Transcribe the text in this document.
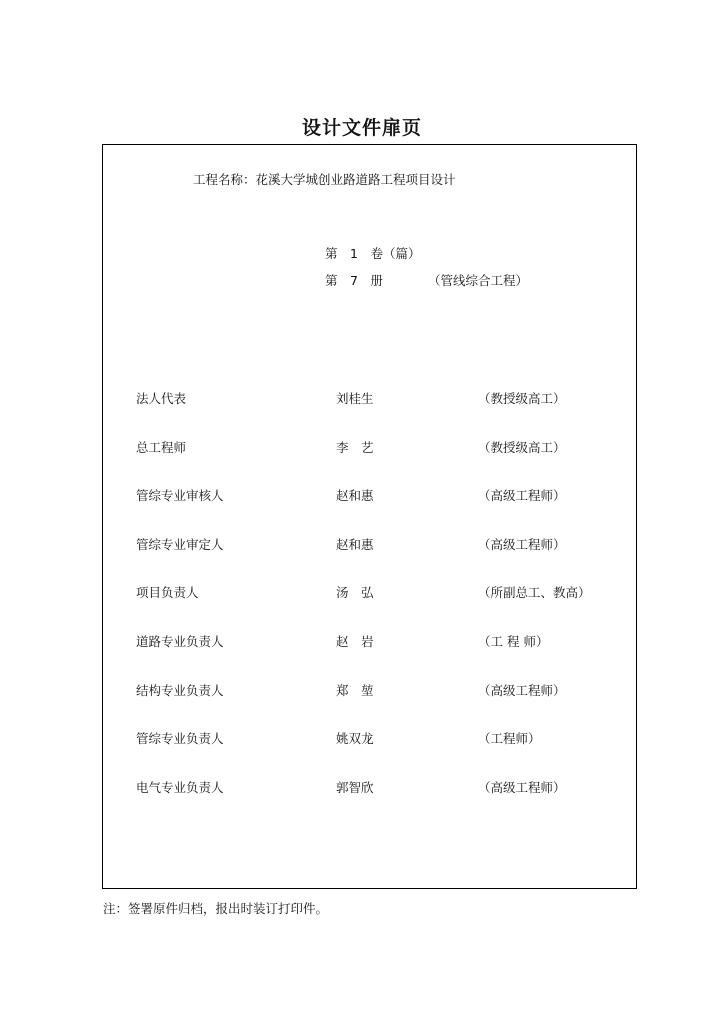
设计文件扉页
工程名称：花溪大学城创业路道路工程项目设计
第　1　卷（篇）
第　7　册	（管线综合工程）
法人代表	刘桂生	（教授级高工）
总工程师	李　艺	（教授级高工）
管综专业审核人	赵和惠	（高级工程师）
管综专业审定人	赵和惠	（高级工程师）
项目负责人	汤　弘	（所副总工、教高）
道路专业负责人	赵　岩	（工 程 师）
结构专业负责人	郑　堃	（高级工程师）
管综专业负责人	姚双龙	（工程师）
电气专业负责人	郭智欣	（高级工程师）
注：签署原件归档，报出时装订打印件。
